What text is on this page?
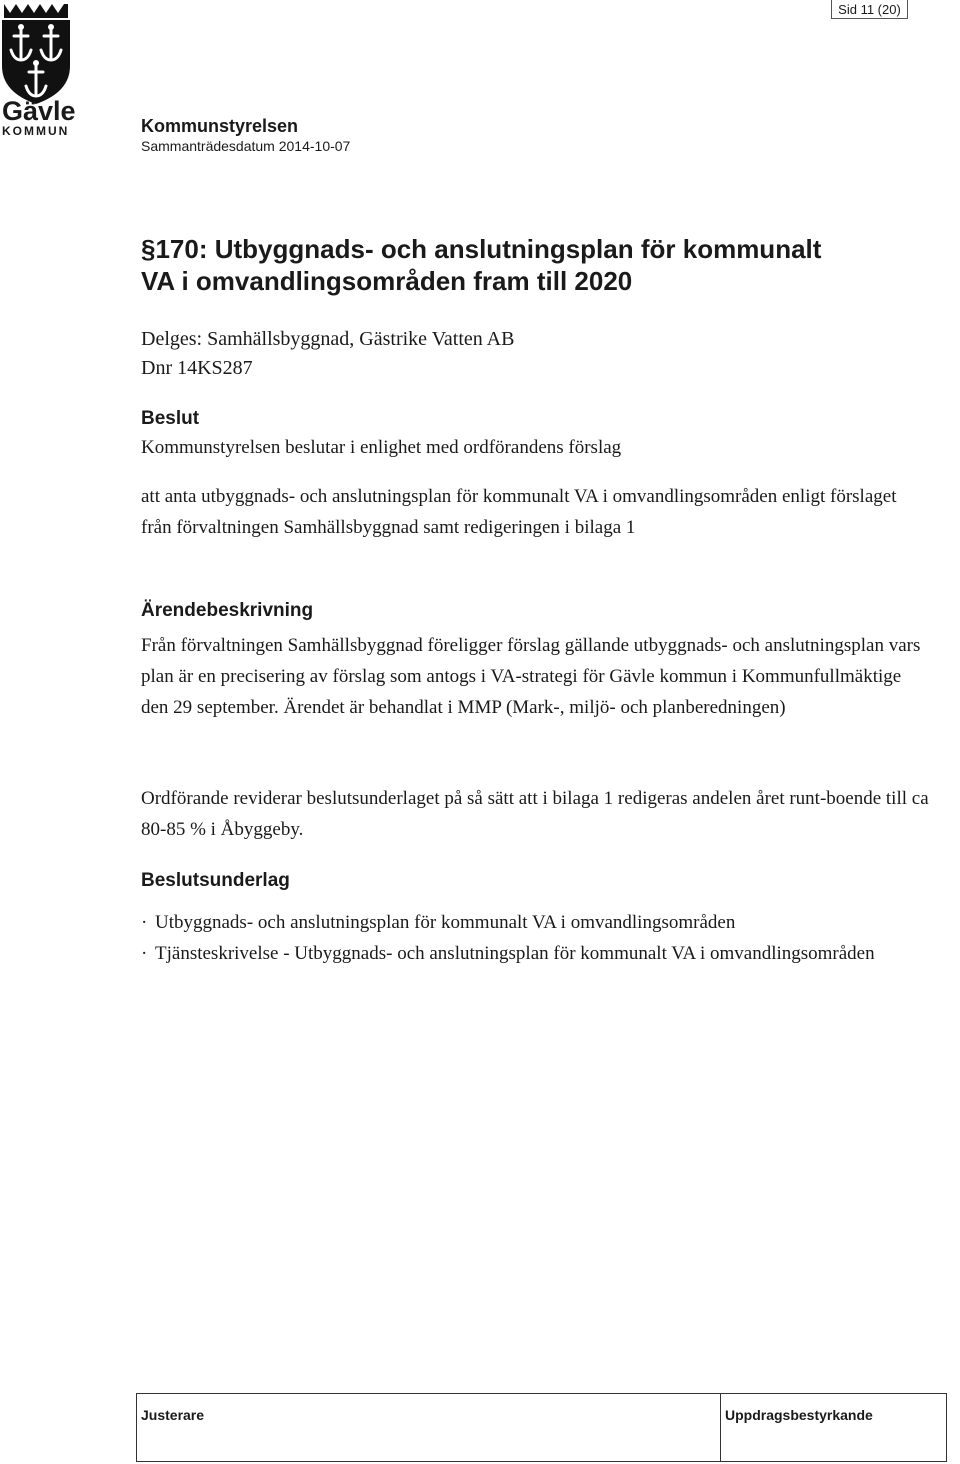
Gävle
KOMMUN
Sid 11 (20)
Kommunstyrelsen
Sammanträdesdatum 2014-10-07
§170: Utbyggnads- och anslutningsplan för kommunalt
VA i omvandlingsområden fram till 2020
Delges: Samhällsbyggnad, Gästrike Vatten AB
Dnr 14KS287
Beslut
Kommunstyrelsen beslutar i enlighet med ordförandens förslag
att anta utbyggnads- och anslutningsplan för kommunalt VA i omvandlingsområden enligt förslaget från förvaltningen Samhällsbyggnad samt redigeringen i bilaga 1
Ärendebeskrivning
Från förvaltningen Samhällsbyggnad föreligger förslag gällande utbyggnads- och anslutningsplan vars plan är en precisering av förslag som antogs i VA-strategi för Gävle kommun i Kommunfullmäktige den 29 september. Ärendet är behandlat i MMP (Mark-, miljö- och planberedningen)
Ordförande reviderar beslutsunderlaget på så sätt att i bilaga 1 redigeras andelen året runt-boende till ca 80-85 % i Åbyggeby.
Beslutsunderlag
· Utbyggnads- och anslutningsplan för kommunalt VA i omvandlingsområden
· Tjänsteskrivelse - Utbyggnads- och anslutningsplan för kommunalt VA i omvandlingsområden
Justerare	Uppdragsbestyrkande
